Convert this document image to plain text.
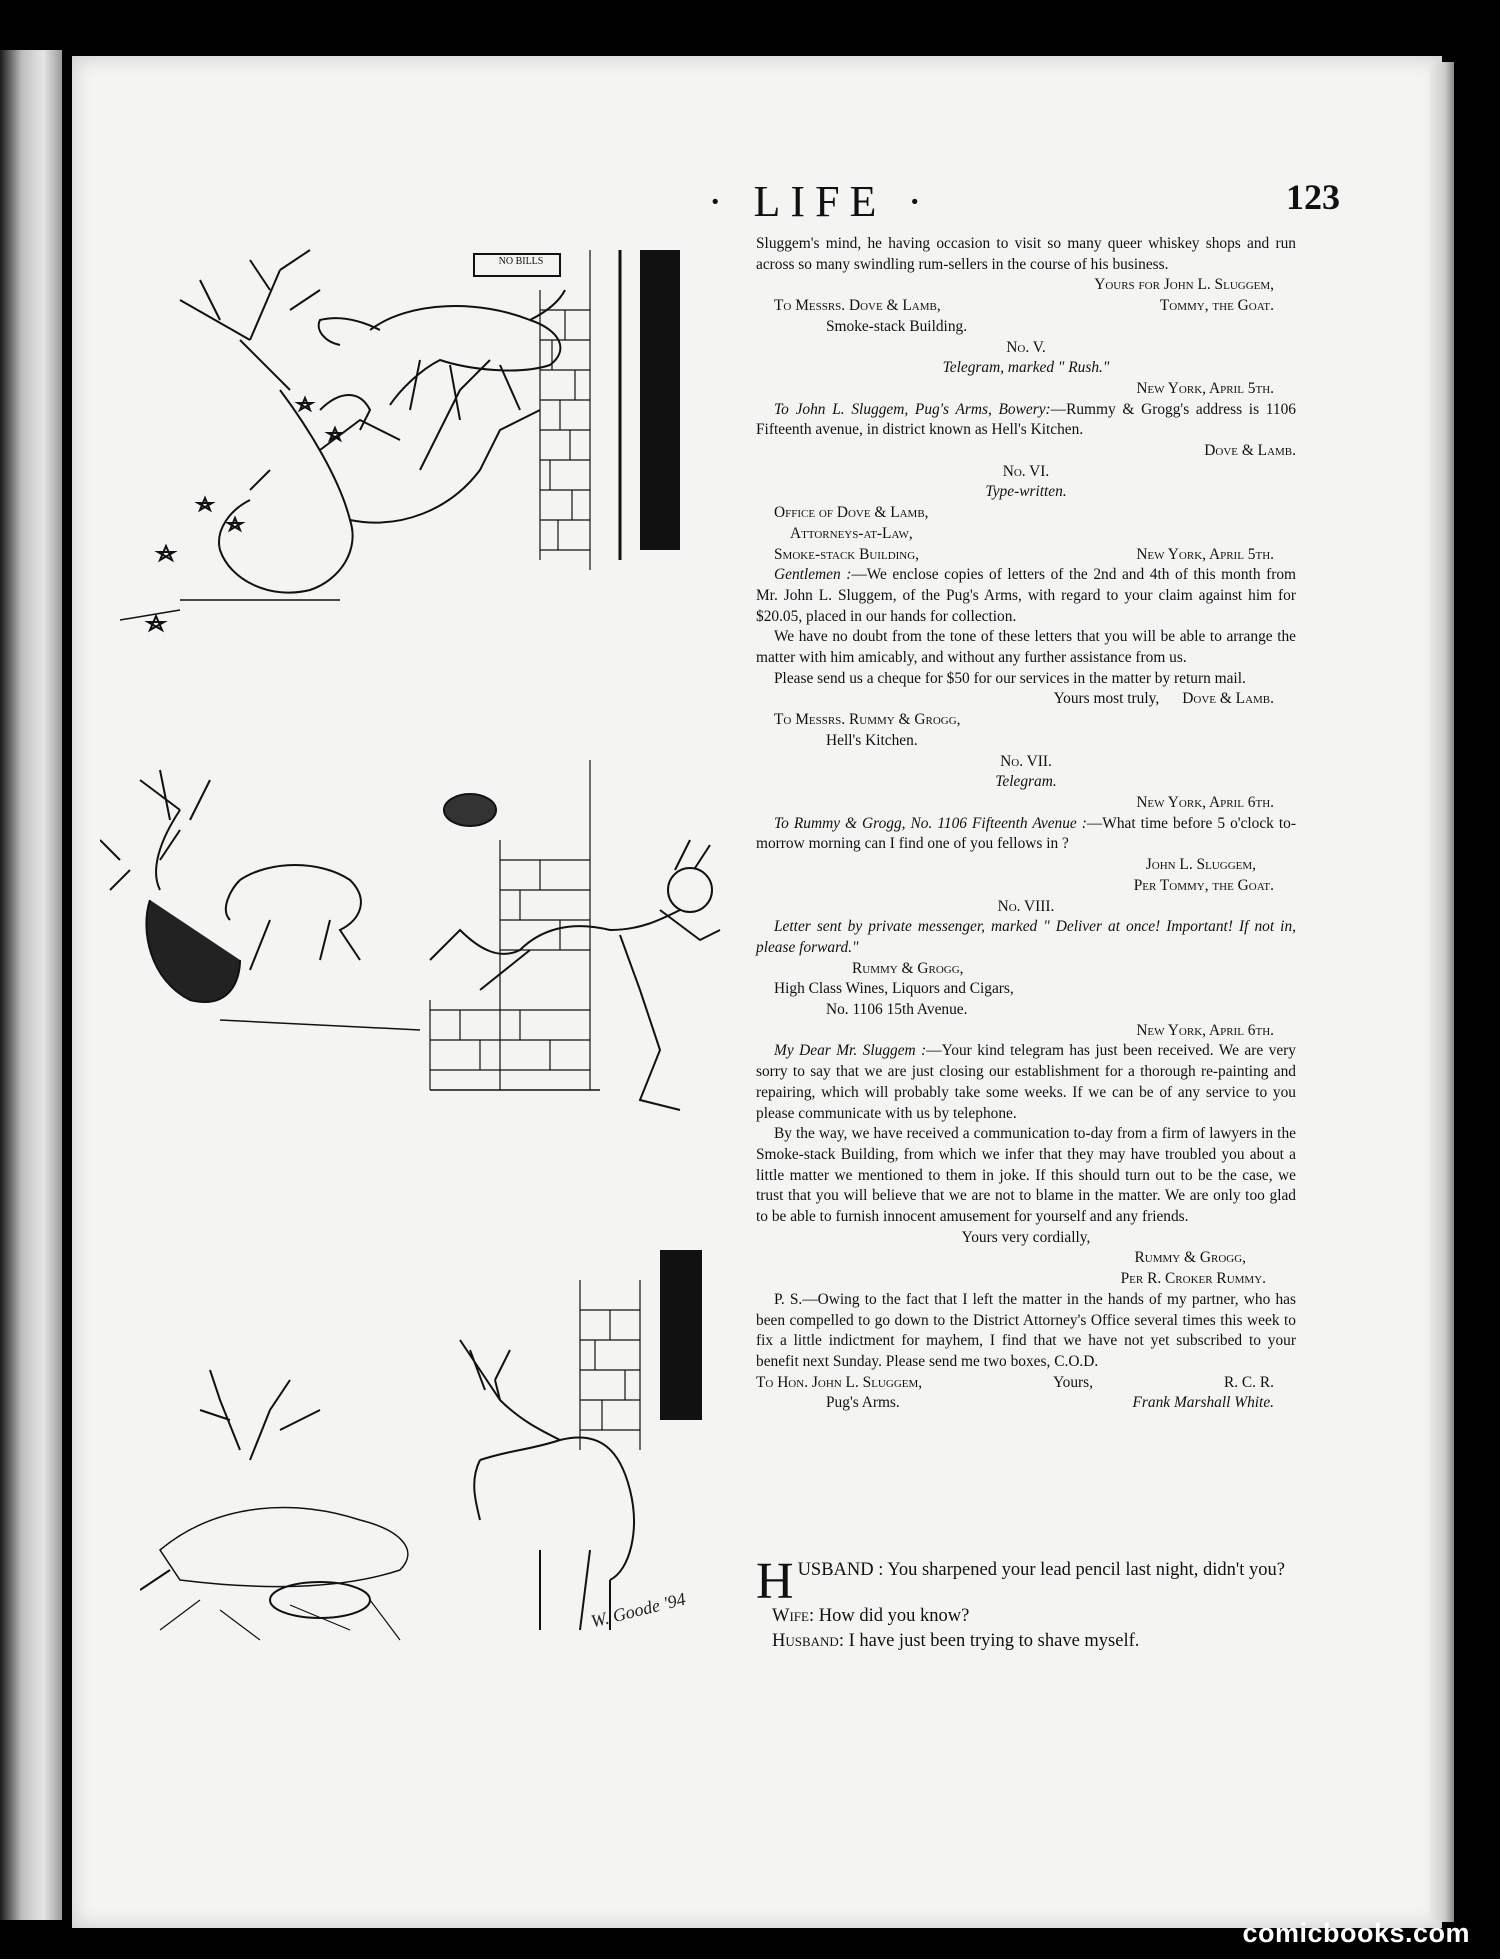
· LIFE ·	123
NO BILLS
W. Goode '94

Sluggem's mind, he having occasion to visit so many queer whiskey shops and run across so many swindling rum-sellers in the course of his business.

Yours for John L. Sluggem,

To Messrs. Dove & Lamb,	Tommy, the Goat.

Smoke-stack Building.

No. V.

Telegram, marked " Rush."

New York, April 5th.

To John L. Sluggem, Pug's Arms, Bowery:—Rummy & Grogg's address is 1106 Fifteenth avenue, in district known as Hell's Kitchen.

Dove & Lamb.

No. VI.

Type-written.

Office of Dove & Lamb,

Attorneys-at-Law,

Smoke-stack Building,	New York, April 5th.

Gentlemen :—We enclose copies of letters of the 2nd and 4th of this month from Mr. John L. Sluggem, of the Pug's Arms, with regard to your claim against him for $20.05, placed in our hands for collection.

We have no doubt from the tone of these letters that you will be able to arrange the matter with him amicably, and without any further assistance from us.

Please send us a cheque for $50 for our services in the matter by return mail.

Yours most truly, Dove & Lamb.

To Messrs. Rummy & Grogg,

Hell's Kitchen.

No. VII.

Telegram.

New York, April 6th.

To Rummy & Grogg, No. 1106 Fifteenth Avenue :—What time before 5 o'clock to-morrow morning can I find one of you fellows in ?

John L. Sluggem,

Per Tommy, the Goat.

No. VIII.

Letter sent by private messenger, marked " Deliver at once! Important! If not in, please forward."

Rummy & Grogg,

High Class Wines, Liquors and Cigars,

No. 1106 15th Avenue.

New York, April 6th.

My Dear Mr. Sluggem :—Your kind telegram has just been received. We are very sorry to say that we are just closing our establishment for a thorough re-painting and repairing, which will probably take some weeks. If we can be of any service to you please communicate with us by telephone.

By the way, we have received a communication to-day from a firm of lawyers in the Smoke-stack Building, from which we infer that they may have troubled you about a little matter we mentioned to them in joke. If this should turn out to be the case, we trust that you will believe that we are not to blame in the matter. We are only too glad to be able to furnish innocent amusement for yourself and any friends.

Yours very cordially,

Rummy & Grogg,

Per R. Croker Rummy.

P. S.—Owing to the fact that I left the matter in the hands of my partner, who has been compelled to go down to the District Attorney's Office several times this week to fix a little indictment for mayhem, I find that we have not yet subscribed to your benefit next Sunday. Please send me two boxes, C.O.D.

To Hon. John L. Sluggem,	Yours,	R. C. R.

Pug's Arms.	Frank Marshall White.

H USBAND : You sharpened your lead pencil last night, didn't you?

Wife: How did you know?

Husband: I have just been trying to shave myself.

comicbooks.com
